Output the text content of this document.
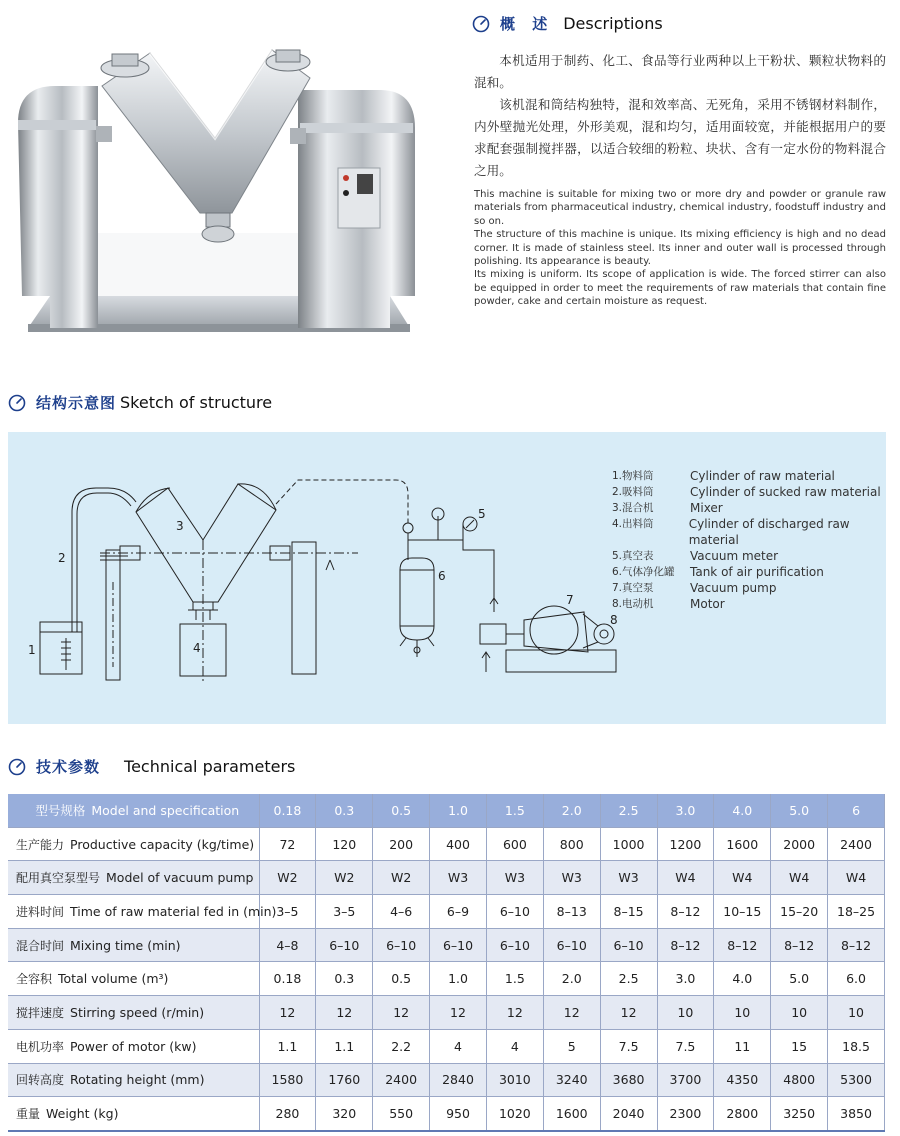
概 述 Descriptions

本机适用于制药、化工、食品等行业两种以上干粉状、颗粒状物料的混和。

该机混和筒结构独特，混和效率高、无死角，采用不锈钢材料制作，内外壁抛光处理，外形美观，混和均匀，适用面较宽，并能根据用户的要求配套强制搅拌器，以适合较细的粉粒、块状、含有一定水份的物料混合之用。

This machine is suitable for mixing two or more dry and powder or granule raw materials from pharmaceutical industry, chemical industry, foodstuff industry and so on.

The structure of this machine is unique. Its mixing efficiency is high and no dead corner. It is made of stainless steel. Its inner and outer wall is processed through polishing. Its appearance is beauty.

Its mixing is uniform. Its scope of application is wide. The forced stirrer can also be equipped in order to meet the requirements of raw materials that contain fine powder, cake and certain moisture as request.

结构示意图 Sketch of structure
1
2
3
4
5
6
7
8
1.物料筒	Cylinder of raw material
2.吸料筒	Cylinder of sucked raw material
3.混合机	Mixer
4.出料筒	Cylinder of discharged raw material
5.真空表	Vacuum meter
6.气体净化罐	Tank of air purification
7.真空泵	Vacuum pump
8.电动机	Motor
技术参数 Technical parameters
型号规格 Model and specification	0.18	0.3	0.5	1.0	1.5	2.0	2.5	3.0	4.0	5.0	6
生产能力 Productive capacity (kg/time)	72	120	200	400	600	800	1000	1200	1600	2000	2400
配用真空泵型号 Model of vacuum pump	W2	W2	W2	W3	W3	W3	W3	W4	W4	W4	W4
进料时间 Time of raw material fed in (min)	3–5	3–5	4–6	6–9	6–10	8–13	8–15	8–12	10–15	15–20	18–25
混合时间 Mixing time (min)	4–8	6–10	6–10	6–10	6–10	6–10	6–10	8–12	8–12	8–12	8–12
全容积 Total volume (m³)	0.18	0.3	0.5	1.0	1.5	2.0	2.5	3.0	4.0	5.0	6.0
搅拌速度 Stirring speed (r/min)	12	12	12	12	12	12	12	10	10	10	10
电机功率 Power of motor (kw)	1.1	1.1	2.2	4	4	5	7.5	7.5	11	15	18.5
回转高度 Rotating height (mm)	1580	1760	2400	2840	3010	3240	3680	3700	4350	4800	5300
重量 Weight (kg)	280	320	550	950	1020	1600	2040	2300	2800	3250	3850
